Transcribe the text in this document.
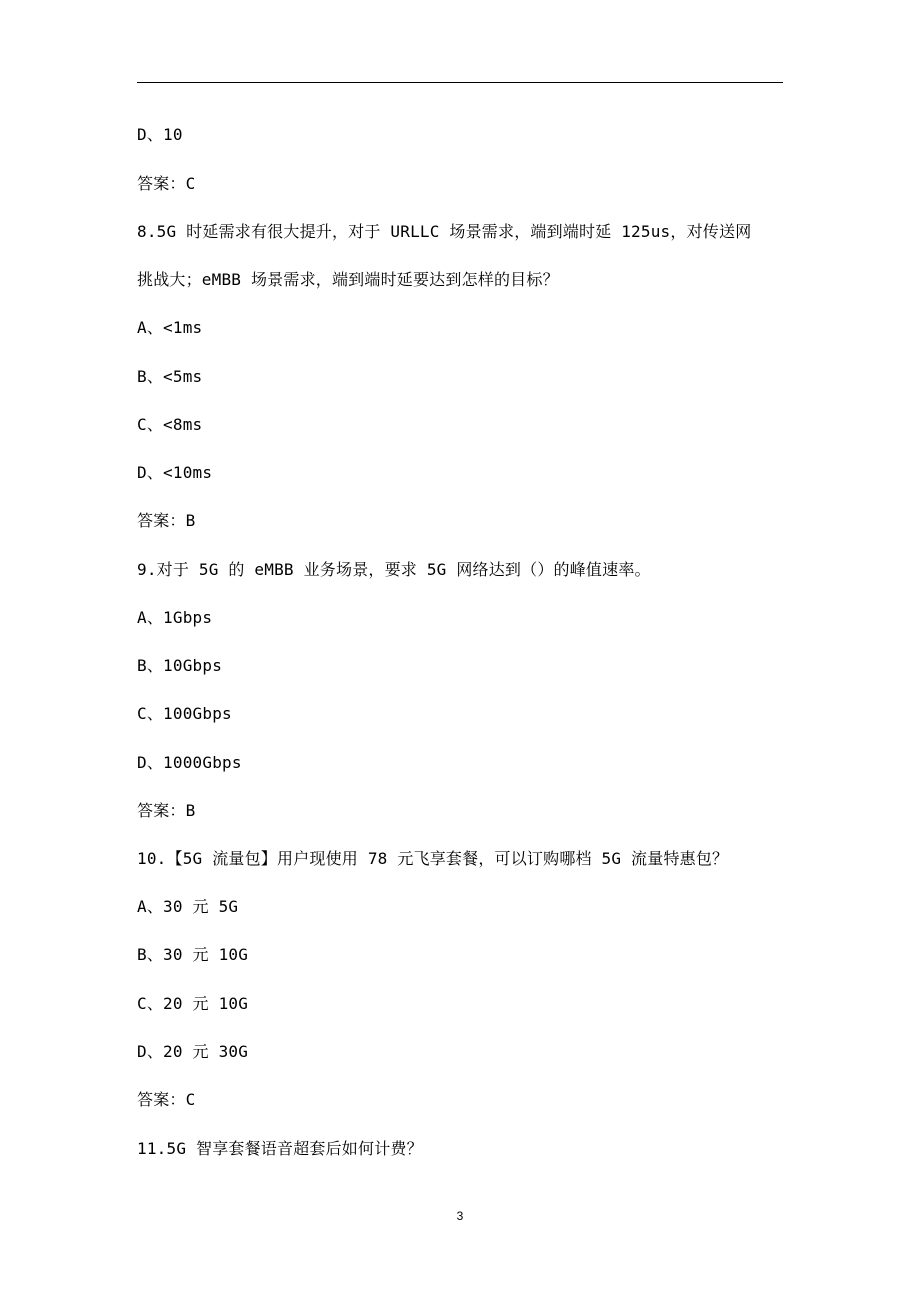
D、10
答案：C
8.5G 时延需求有很大提升，对于 URLLC 场景需求，端到端时延 125us，对传送网
挑战大；eMBB 场景需求，端到端时延要达到怎样的目标？
A、<1ms
B、<5ms
C、<8ms
D、<10ms
答案：B
9.对于 5G 的 eMBB 业务场景，要求 5G 网络达到（）的峰值速率。
A、1Gbps
B、10Gbps
C、100Gbps
D、1000Gbps
答案：B
10.【5G 流量包】用户现使用 78 元飞享套餐，可以订购哪档 5G 流量特惠包？
A、30 元 5G
B、30 元 10G
C、20 元 10G
D、20 元 30G
答案：C
11.5G 智享套餐语音超套后如何计费？
3
